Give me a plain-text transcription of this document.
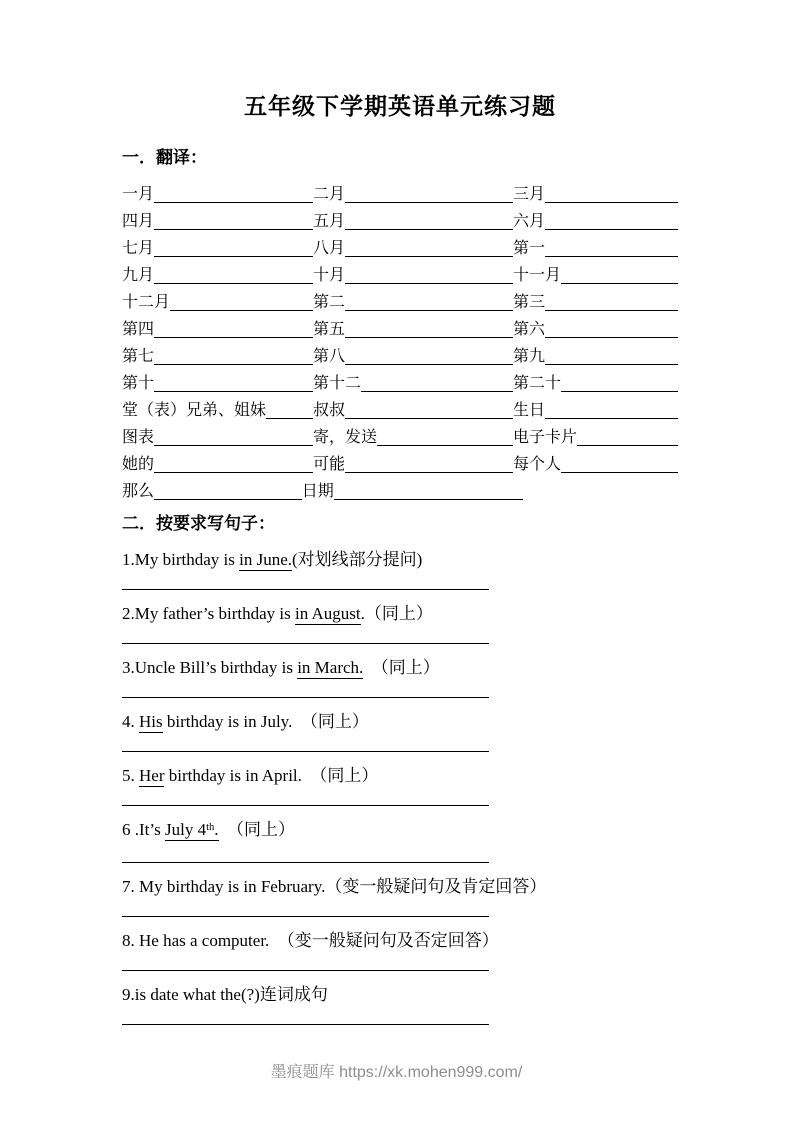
五年级下学期英语单元练习题
一．翻译：
一月	二月	三月
四月	五月	六月
七月	八月	第一
九月	十月	十一月
十二月	第二	第三
第四	第五	第六
第七	第八	第九
第十	第十二	第二十
堂（表）兄弟、姐妹	叔叔	生日
图表	寄，发送	电子卡片
她的	可能	每个人
那么	日期
二．按要求写句子：
1.My birthday is in June.(对划线部分提问)
2.My father’s birthday is in August.（同上）
3.Uncle Bill’s birthday is in March.　（同上）
4. His birthday is in July.　（同上）
5. Her birthday is in April.　（同上）
6 .It’s July 4th.　（同上）
7. My birthday is in February.（变一般疑问句及肯定回答）
8. He has a computer.　（变一般疑问句及否定回答）
9.is date what the(?)连词成句
墨痕题库 https://xk.mohen999.com/
